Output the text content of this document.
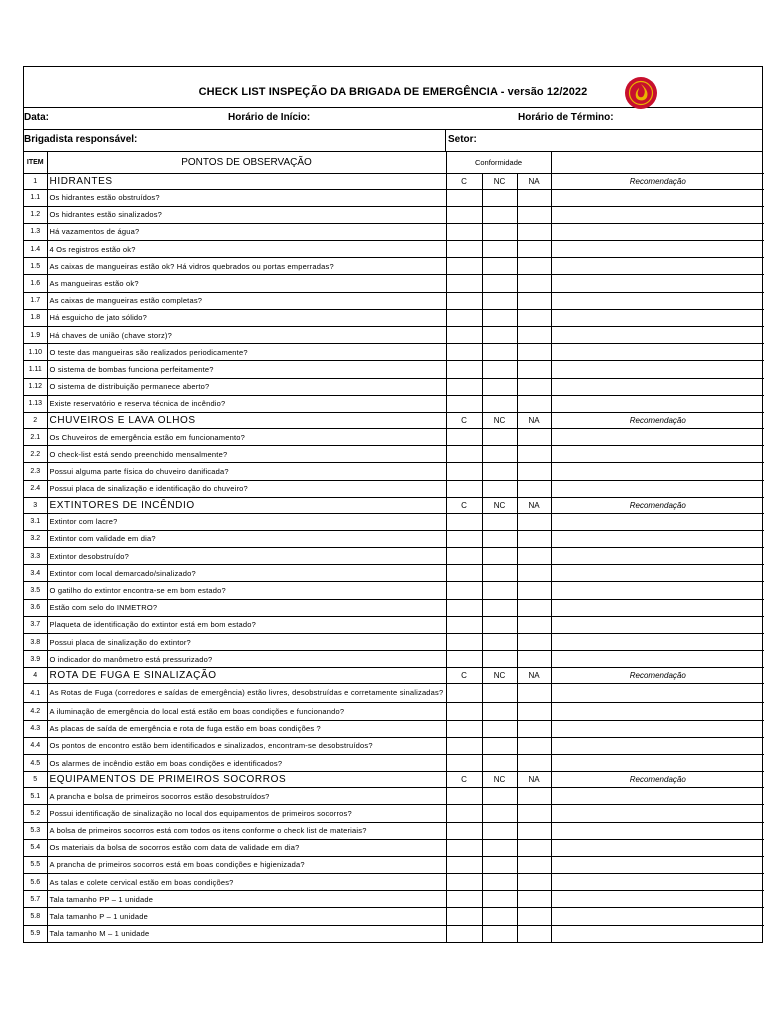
CHECK LIST INSPEÇÃO DA BRIGADA DE EMERGÊNCIA - versão 12/2022
Data:	Horário de Início:	Horário de Término:
Brigadista responsável:	Setor:
ITEM	PONTOS DE OBSERVAÇÃO	Conformidade			
1	HIDRANTES	C	NC	NA	Recomendação
1.1	Os hidrantes estão obstruídos?				
1.2	Os hidrantes estão sinalizados?				
1.3	Há vazamentos de água?				
1.4	4 Os registros estão ok?				
1.5	As caixas de mangueiras estão ok? Há vidros quebrados ou portas emperradas?				
1.6	As mangueiras estão ok?				
1.7	As caixas de mangueiras estão completas?				
1.8	Há esguicho de jato sólido?				
1.9	Há chaves de união (chave storz)?				
1.10	O teste das mangueiras são realizados periodicamente?				
1.11	O sistema de bombas funciona perfeitamente?				
1.12	O sistema de distribuição permanece aberto?				
1.13	Existe reservatório e reserva técnica de incêndio?				
2	CHUVEIROS E LAVA OLHOS	C	NC	NA	Recomendação
2.1	Os Chuveiros de emergência estão em funcionamento?				
2.2	O check-list está sendo preenchido mensalmente?				
2.3	Possui alguma parte física do chuveiro danificada?				
2.4	Possui placa de sinalização e identificação do chuveiro?				
3	EXTINTORES DE INCÊNDIO	C	NC	NA	Recomendação
3.1	Extintor com lacre?				
3.2	Extintor com validade em dia?				
3.3	Extintor desobstruído?				
3.4	Extintor com local demarcado/sinalizado?				
3.5	O gatilho do extintor encontra-se em bom estado?				
3.6	Estão com selo do INMETRO?				
3.7	Plaqueta de identificação do extintor está em bom estado?				
3.8	Possui placa de sinalização do extintor?				
3.9	O indicador do manômetro está pressurizado?				
4	ROTA DE FUGA E SINALIZAÇÃO	C	NC	NA	Recomendação
4.1	As Rotas de Fuga (corredores e saídas de emergência) estão livres, desobstruídas e corretamente sinalizadas?				
4.2	A iluminação de emergência do local está estão em boas condições e funcionando?				
4.3	As placas de saída de emergência e rota de fuga estão em boas condições ?				
4.4	Os pontos de encontro estão bem identificados e sinalizados, encontram-se desobstruídos?				
4.5	Os alarmes de incêndio estão em boas condições e identificados?				
5	EQUIPAMENTOS DE PRIMEIROS SOCORROS	C	NC	NA	Recomendação
5.1	A prancha e bolsa de primeiros socorros estão desobstruídos?				
5.2	Possui identificação de sinalização no local dos equipamentos de primeiros socorros?				
5.3	A bolsa de primeiros socorros está com todos os itens conforme o check list de materiais?				
5.4	Os materiais da bolsa de socorros estão com data de validade em dia?				
5.5	A prancha de primeiros socorros está em boas condições e higienizada?				
5.6	As talas e colete cervical estão em boas condições?				
5.7	Tala tamanho PP – 1 unidade				
5.8	Tala tamanho P – 1 unidade				
5.9	Tala tamanho M – 1 unidade				
